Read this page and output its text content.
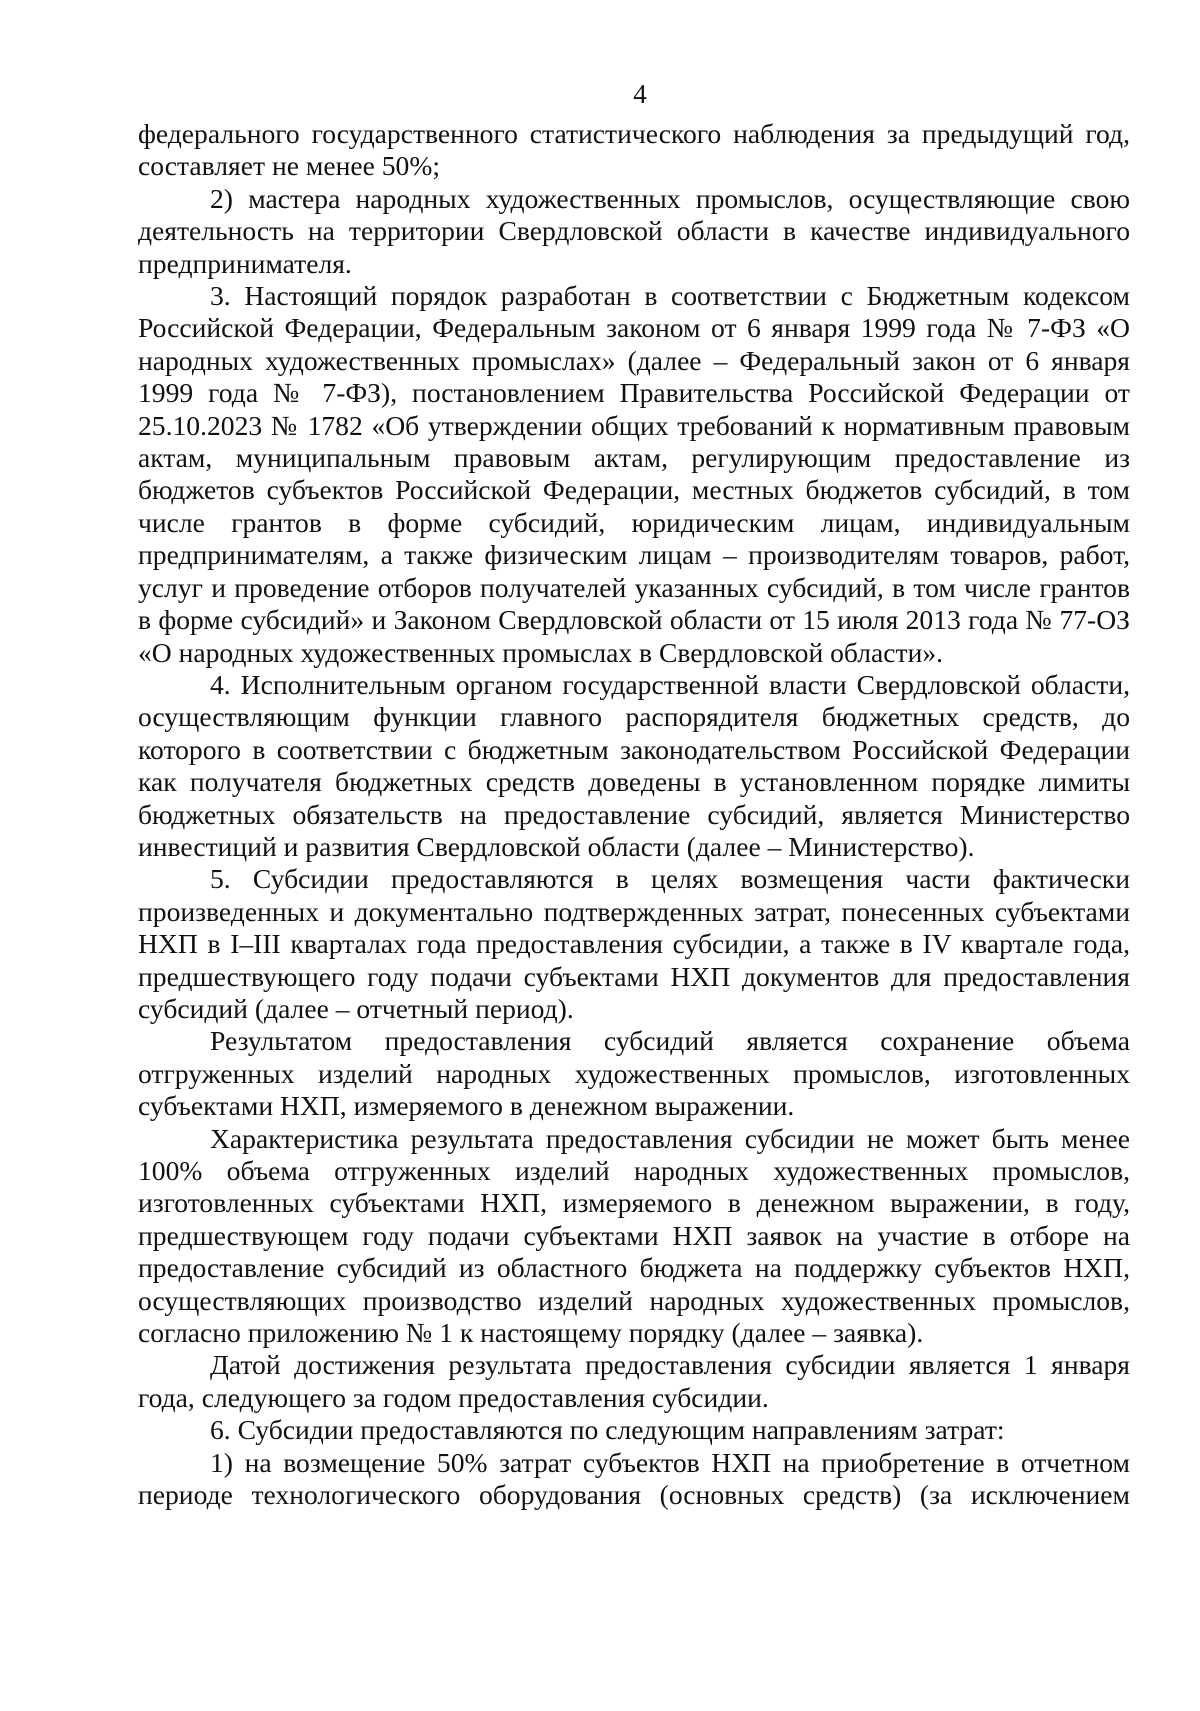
4

федерального государственного статистического наблюдения за предыдущий год, составляет не менее 50%;

2) мастера народных художественных промыслов, осуществляющие свою деятельность на территории Свердловской области в качестве индивидуального предпринимателя.

3. Настоящий порядок разработан в соответствии с Бюджетным кодексом Российской Федерации, Федеральным законом от 6 января 1999 года № 7-ФЗ «О народных художественных промыслах» (далее – Федеральный закон от 6 января 1999 года № 7-ФЗ), постановлением Правительства Российской Федерации от 25.10.2023 № 1782 «Об утверждении общих требований к нормативным правовым актам, муниципальным правовым актам, регулирующим предоставление из бюджетов субъектов Российской Федерации, местных бюджетов субсидий, в том числе грантов в форме субсидий, юридическим лицам, индивидуальным предпринимателям, а также физическим лицам – производителям товаров, работ, услуг и проведение отборов получателей указанных субсидий, в том числе грантов в форме субсидий» и Законом Свердловской области от 15 июля 2013 года № 77-ОЗ «О народных художественных промыслах в Свердловской области».

4. Исполнительным органом государственной власти Свердловской области, осуществляющим функции главного распорядителя бюджетных средств, до которого в соответствии с бюджетным законодательством Российской Федерации как получателя бюджетных средств доведены в установленном порядке лимиты бюджетных обязательств на предоставление субсидий, является Министерство инвестиций и развития Свердловской области (далее – Министерство).

5. Субсидии предоставляются в целях возмещения части фактически произведенных и документально подтвержденных затрат, понесенных субъектами НХП в I–III кварталах года предоставления субсидии, а также в IV квартале года, предшествующего году подачи субъектами НХП документов для предоставления субсидий (далее – отчетный период).

Результатом предоставления субсидий является сохранение объема отгруженных изделий народных художественных промыслов, изготовленных субъектами НХП, измеряемого в денежном выражении.

Характеристика результата предоставления субсидии не может быть менее 100% объема отгруженных изделий народных художественных промыслов, изготовленных субъектами НХП, измеряемого в денежном выражении, в году, предшествующем году подачи субъектами НХП заявок на участие в отборе на предоставление субсидий из областного бюджета на поддержку субъектов НХП, осуществляющих производство изделий народных художественных промыслов, согласно приложению № 1 к настоящему порядку (далее – заявка).

Датой достижения результата предоставления субсидии является 1 января года, следующего за годом предоставления субсидии.

6. Субсидии предоставляются по следующим направлениям затрат:

1) на возмещение 50% затрат субъектов НХП на приобретение в отчетном периоде технологического оборудования (основных средств) (за исключением
